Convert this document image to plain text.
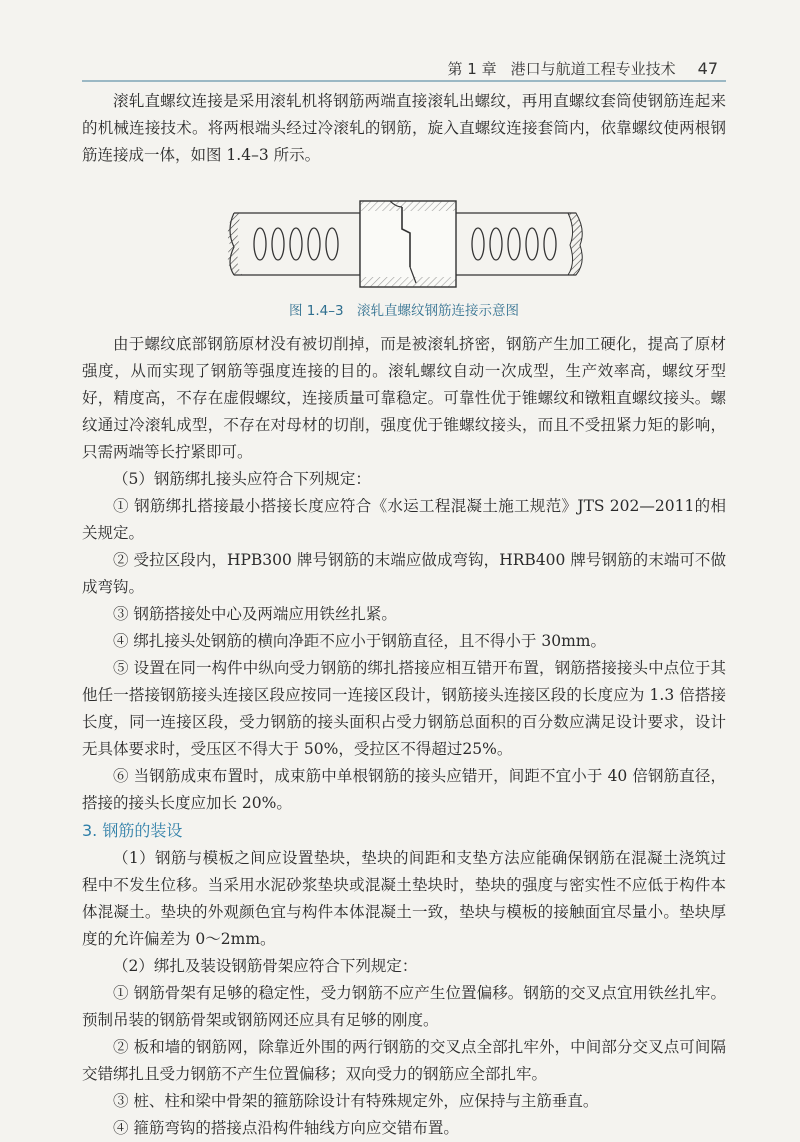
第 1 章 港口与航道工程专业技术 47

滚轧直螺纹连接是采用滚轧机将钢筋两端直接滚轧出螺纹，再用直螺纹套筒使钢筋连起来的机械连接技术。将两根端头经过冷滚轧的钢筋，旋入直螺纹连接套筒内，依靠螺纹使两根钢筋连接成一体，如图 1.4–3 所示。

图 1.4–3　滚轧直螺纹钢筋连接示意图

由于螺纹底部钢筋原材没有被切削掉，而是被滚轧挤密，钢筋产生加工硬化，提高了原材强度，从而实现了钢筋等强度连接的目的。滚轧螺纹自动一次成型，生产效率高，螺纹牙型好，精度高，不存在虚假螺纹，连接质量可靠稳定。可靠性优于锥螺纹和镦粗直螺纹接头。螺纹通过冷滚轧成型，不存在对母材的切削，强度优于锥螺纹接头，而且不受扭紧力矩的影响，只需两端等长拧紧即可。

（5）钢筋绑扎接头应符合下列规定：

① 钢筋绑扎搭接最小搭接长度应符合《水运工程混凝土施工规范》JTS 202—2011的相关规定。

② 受拉区段内，HPB300 牌号钢筋的末端应做成弯钩，HRB400 牌号钢筋的末端可不做成弯钩。

③ 钢筋搭接处中心及两端应用铁丝扎紧。

④ 绑扎接头处钢筋的横向净距不应小于钢筋直径，且不得小于 30mm。

⑤ 设置在同一构件中纵向受力钢筋的绑扎搭接应相互错开布置，钢筋搭接接头中点位于其他任一搭接钢筋接头连接区段应按同一连接区段计，钢筋接头连接区段的长度应为 1.3 倍搭接长度，同一连接区段，受力钢筋的接头面积占受力钢筋总面积的百分数应满足设计要求，设计无具体要求时，受压区不得大于 50%，受拉区不得超过25%。

⑥ 当钢筋成束布置时，成束筋中单根钢筋的接头应错开，间距不宜小于 40 倍钢筋直径，搭接的接头长度应加长 20%。

3. 钢筋的装设

（1）钢筋与模板之间应设置垫块，垫块的间距和支垫方法应能确保钢筋在混凝土浇筑过程中不发生位移。当采用水泥砂浆垫块或混凝土垫块时，垫块的强度与密实性不应低于构件本体混凝土。垫块的外观颜色宜与构件本体混凝土一致，垫块与模板的接触面宜尽量小。垫块厚度的允许偏差为 0～2mm。

（2）绑扎及装设钢筋骨架应符合下列规定：

① 钢筋骨架有足够的稳定性，受力钢筋不应产生位置偏移。钢筋的交叉点宜用铁丝扎牢。预制吊装的钢筋骨架或钢筋网还应具有足够的刚度。

② 板和墙的钢筋网，除靠近外围的两行钢筋的交叉点全部扎牢外，中间部分交叉点可间隔交错绑扎且受力钢筋不产生位置偏移；双向受力的钢筋应全部扎牢。

③ 桩、柱和梁中骨架的箍筋除设计有特殊规定外，应保持与主筋垂直。

④ 箍筋弯钩的搭接点沿构件轴线方向应交错布置。
